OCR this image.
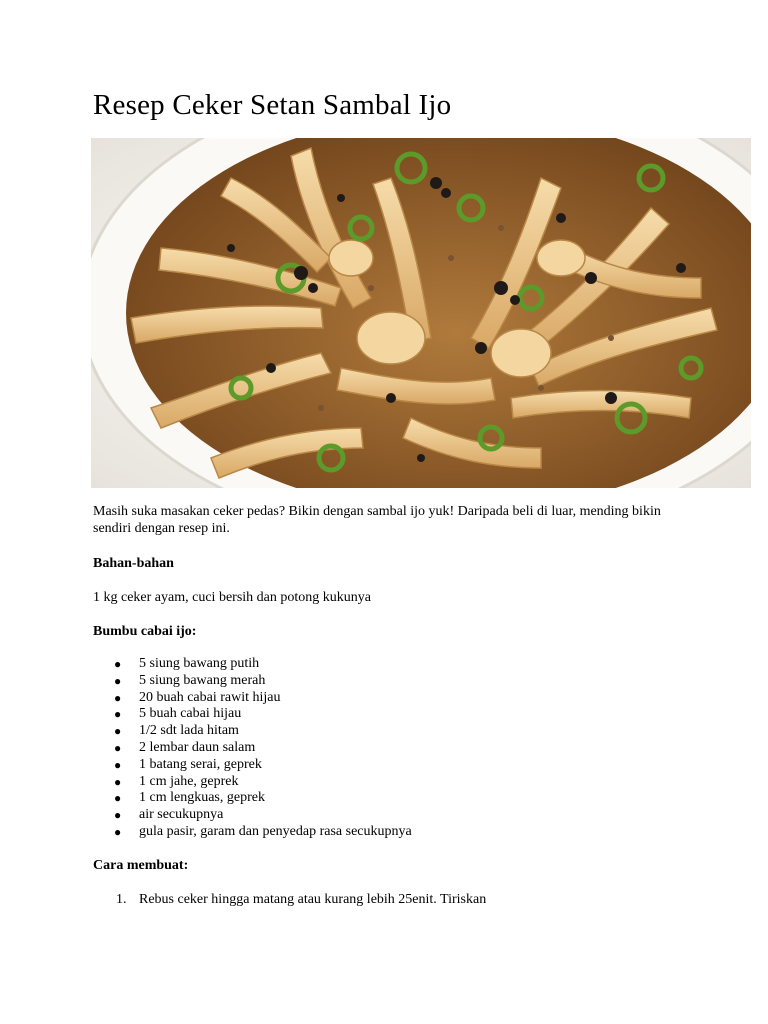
Resep Ceker Setan Sambal Ijo
Masih suka masakan ceker pedas? Bikin dengan sambal ijo yuk! Daripada beli di luar, mending bikin sendiri dengan resep ini.
Bahan-bahan
1 kg ceker ayam, cuci bersih dan potong kukunya
Bumbu cabai ijo:
● 5 siung bawang putih
● 5 siung bawang merah
● 20 buah cabai rawit hijau
● 5 buah cabai hijau
● 1/2 sdt lada hitam
● 2 lembar daun salam
● 1 batang serai, geprek
● 1 cm jahe, geprek
● 1 cm lengkuas, geprek
● air secukupnya
● gula pasir, garam dan penyedap rasa secukupnya
Cara membuat:
1. Rebus ceker hingga matang atau kurang lebih 25enit. Tiriskan
